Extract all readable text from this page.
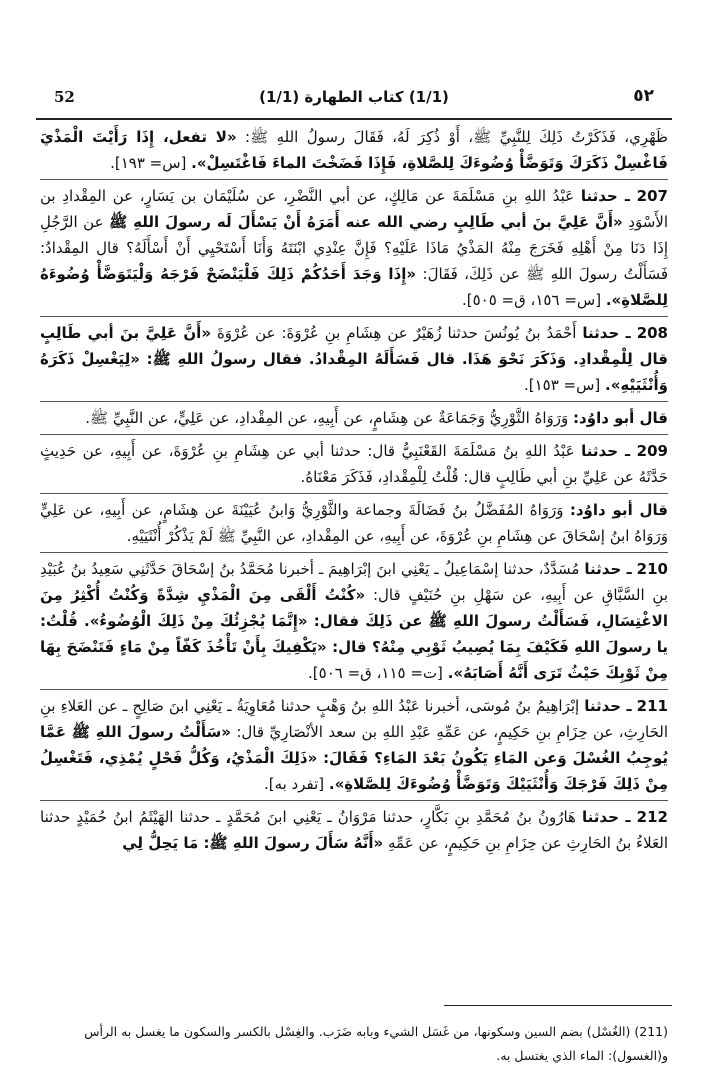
52	(1/1) كتاب الطهارة (1/1)	٥٢

ظَهْرِي، فَذَكَرْتُ ذَلِكَ لِلنَّبِيِّ ﷺ، أَوْ ذُكِرَ لَهُ، فَقَالَ رسولُ اللهِ ﷺ: «لا تفعل، إِذَا رَأَيْتَ الْمَذْيَ فَاغْسِلْ ذَكَرَكَ وَتَوَضَّأْ وُضُوءَكَ لِلصَّلاةِ، فَإِذَا فَضَخْتَ الماءَ فَاغْتَسِلْ». [س= ١٩٣].

207 ـ حدثنا عَبْدُ اللهِ بنِ مَسْلَمَةَ عن مَالِكٍ، عن أبي النَّضْرِ، عن سُلَيْمَان بن يَسَارٍ، عن المِقْدادِ بن الأَسْوَدِ «أَنَّ عَلِيَّ بنَ أبي طَالِبٍ رضي الله عنه أَمَرَهُ أَنْ يَسْأَلَ لَه رسولَ اللهِ ﷺ عن الرَّجُلِ إِذَا دَنَا مِنْ أَهْلِهِ فَخَرَجَ مِنْهُ المَذْيُ مَاذَا عَلَيْهِ؟ فَإِنَّ عِنْدِي ابْنَتَهُ وَأَنَا أَسْتَحْيِي أَنْ أَسْأَلَهُ؟ قال المِقْدادُ: فَسَأَلْتُ رسولَ اللهِ ﷺ عن ذَلِكَ، فَقَالَ: «إِذَا وَجَدَ أَحَدُكُمْ ذَلِكَ فَلْيَنْضَحْ فَرْجَهُ وَلْيَتَوَضَّأْ وُضُوءَهُ لِلصَّلاةِ». [س= ١٥٦، ق= ٥٠٥].

208 ـ حدثنا أَحْمَدُ بنُ يُونُسَ حدثنا زُهَيْرٌ عن هِشَامِ بنِ عُرْوَةَ: عن عُرْوَةَ «أَنَّ عَلِيَّ بنَ أبي طَالِبٍ قال لِلْمِقْدادِ. وَذَكَرَ نَحْوَ هَذَا. قال فَسَأَلَهُ المِقْدادُ. فقال رسولُ اللهِ ﷺ: «لِيَغْسِلْ ذَكَرَهُ وَأُنْثَيَيْهِ». [س= ١٥٣].

قال أبو داوُد: وَرَوَاهُ الثَّوْرِيُّ وَجَمَاعَةٌ عن هِشَامٍ، عن أَبِيهِ، عن المِقْدادِ، عن عَلِيٍّ، عن النَّبِيِّ ﷺ.

209 ـ حدثنا عَبْدُ اللهِ بنُ مَسْلَمَةَ القَعْنَبِيُّ قال: حدثنا أبي عن هِشَامِ بنِ عُرْوَةَ، عن أَبِيهِ، عن حَدِيثٍ حَدَّثَهُ عن عَلِيِّ بنِ أبي طَالِبٍ قال: قُلْتُ لِلْمِقْدادِ، فَذَكَرَ مَعْنَاهُ.

قال أبو داوُد: وَرَوَاهُ المُفَضَّلُ بنُ فَضَالَةَ وجماعة والثَّوْرِيُّ وَابنُ عُيَيْنَةَ عن هِشَامٍ، عن أَبِيهِ، عن عَلِيٍّ وَرَوَاهُ ابنُ إسْحَاقَ عن هِشَامِ بنِ عُرْوَةَ، عن أَبِيهِ، عن المِقْدادِ، عن النَّبِيِّ ﷺ لَمْ يَذْكُرْ أُنْثَيَيْهِ.

210 ـ حدثنا مُسَدَّدٌ، حدثنا إسْمَاعِيلُ ـ يَعْنِي ابنَ إبْرَاهِيمَ ـ أخبرنا مُحَمَّدُ بنُ إسْحَاقَ حَدَّثَنِي سَعِيدُ بنُ عُبَيْدِ بنِ السَّبَّاقِ عن أَبِيهِ، عن سَهْلِ بنِ حُنَيْفٍ قال: «كُنْتُ أَلْقَى مِنَ الْمَذْيِ شِدَّةً وَكُنْتُ أُكْثِرُ مِنَ الاغْتِسَالِ، فَسَأَلْتُ رسولَ اللهِ ﷺ عن ذَلِكَ فقال: «إِنَّمَا يُجْزِئُكَ مِنْ ذَلِكَ الْوُضُوءُ». قُلْتُ: يا رسولَ اللهِ فَكَيْفَ بِمَا يُصِيبُ ثَوْبِي مِنْهُ؟ قال: «يَكْفِيكَ بِأَنْ تَأْخُذَ كَفّاً مِنْ مَاءٍ فَتَنْضَحَ بِهَا مِنْ ثَوْبِكَ حَيْثُ تَرَى أَنَّهُ أَصَابَهُ». [ت= ١١٥، ق= ٥٠٦].

211 ـ حدثنا إبْرَاهِيمُ بنُ مُوسَى، أخبرنا عَبْدُ اللهِ بنُ وَهْبٍ حدثنا مُعَاوِيَةُ ـ يَعْنِي ابنَ صَالِحٍ ـ عن العَلاءِ بنِ الحَارِثِ، عن حِزَامِ بنِ حَكِيمٍ، عن عَمِّهِ عَبْدِ اللهِ بن سعد الأنْصَارِيِّ قال: «سَأَلْتُ رسولَ اللهِ ﷺ عَمَّا يُوجِبُ الغُسْلَ وَعن المَاءِ يَكُونُ بَعْدَ المَاءِ؟ فَقَالَ: «ذَلِكَ الْمَذْيُ، وَكُلُّ فَحْلٍ يُمْذِي، فَتَغْسِلُ مِنْ ذَلِكَ فَرْجَكَ وَأُنْثَيَيْكَ وَتَوَضَّأْ وُضُوءَكَ لِلصَّلاةِ». [تفرد به].

212 ـ حدثنا هَارُونُ بنُ مُحَمَّدِ بنِ بَكَّارٍ، حدثنا مَرْوَانُ ـ يَعْنِي ابنَ مُحَمَّدٍ ـ حدثنا الهَيْثَمُ ابنُ حُمَيْدٍ حدثنا العَلاءُ بنُ الحَارِثِ عن حِزَامِ بنِ حَكِيمٍ، عن عَمِّهِ «أَنَّهُ سَأَلَ رسولَ اللهِ ﷺ: مَا يَحِلُّ لِي

(211) (الغُسْل) بضم السين وسكونها، من غَسَل الشيء وبابه ضَرَب. والغِسْل بالكسر والسكون ما يغسل به الرأس
و(الغسول): الماء الذي يغتسل به.
